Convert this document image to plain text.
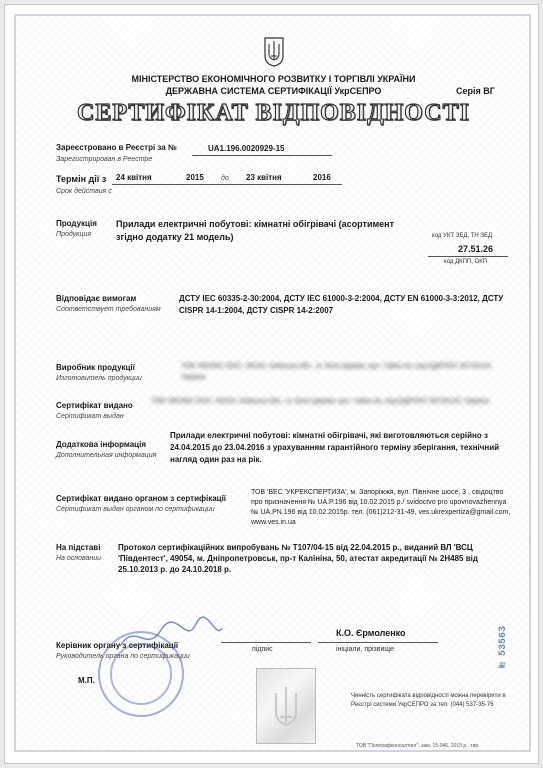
МІНІСТЕРСТВО ЕКОНОМІЧНОГО РОЗВИТКУ І ТОРГІВЛІ УКРАЇНИ
ДЕРЖАВНА СИСТЕМА СЕРТИФІКАЦІЇ УкрСЕПРО	Серія ВГ
СЕРТИФІКАТ ВІДПОВІДНОСТІ
Зареєстровано в Реєстрі за №
Зарегистрирован в Реестре
UA1.196.0020929-15
Термін дії з
Срок действия с
24 квітня	2015 до 23 квітня	2016
Продукція
Продукция
Прилади електричні побутові: кімнатні обігрівачі (асортимент згідно додатку 21 модель)	код УКТ ЗЕД, ТН ЗЕД
27.51.26
код ДКПП, ОКП
Відповідає вимогам
Соответствует требованиям
ДСТУ IEC 60335-2-30:2004, ДСТУ IEC 61000-3-2:2004, ДСТУ EN 61000-3-3:2012, ДСТУ CISPR 14-1:2004, ДСТУ CISPR 14-2:2007
Виробник продукції
Изготовитель продукции
ТОВ 'ФЕНІКС ЕКО', 09104, Київська обл., м. Біла Церква, вул. Гайок 4а, код ЄДРПОУ 38726143, Україна
Сертифікат видано
Сертификат выдан
ТОВ 'ФЕНІКС ЕКО', 09104, Київська обл., м. Біла Церква, вул. Гайок 4а, код ЄДРПОУ 38726143, Україна
Додаткова інформація
Дополнительная информация
Прилади електричні побутові: кімнатні обігрівачі, які виготовляються серійно з 24.04.2015 до 23.04.2016 з урахуванням гарантійного терміну зберігання, технічний нагляд один раз на рік.
Сертифікат видано органом з сертифікації
Сертификат выдан органом по сертификации
ТОВ 'ВЕС 'УКРЕКСПЕРТИЗА', м. Запоріжжя, вул. Північне шосе, 3 , свідоцтво про призначення № UA.P.196 від 10.02.2015 р./ svidoctvo pro upovnovazhennya № UA.PN.196 від 10.02.2015р. тел. (061)212-31-49, ves.ukrexpertiza@gmail.com, www.ves.in.ua
На підставі
На основании
Протокол сертифікаційних випробувань № Т107/04-15 від 22.04.2015 р., виданий ВЛ 'ВСЦ 'Південтест', 49054, м. Дніпропетровськ, пр-т Калініна, 50, атестат акредитації № 2Н485 від 25.10.2013 р. до 24.10.2018 р.
№ 53563
Керівник органу з сертифікації
Руководитель органа по сертификации
підпис
К.О. Єрмоленко
ініціали, прізвище
М.П.
Чинність сертифіката відповідності можна перевірити в Реєстрі системи УкрСЕПРО за тел. (044) 537-35-76
ТОВ "Поліграфконсалтинг", зам. 15-046, 2015 р., тир.
